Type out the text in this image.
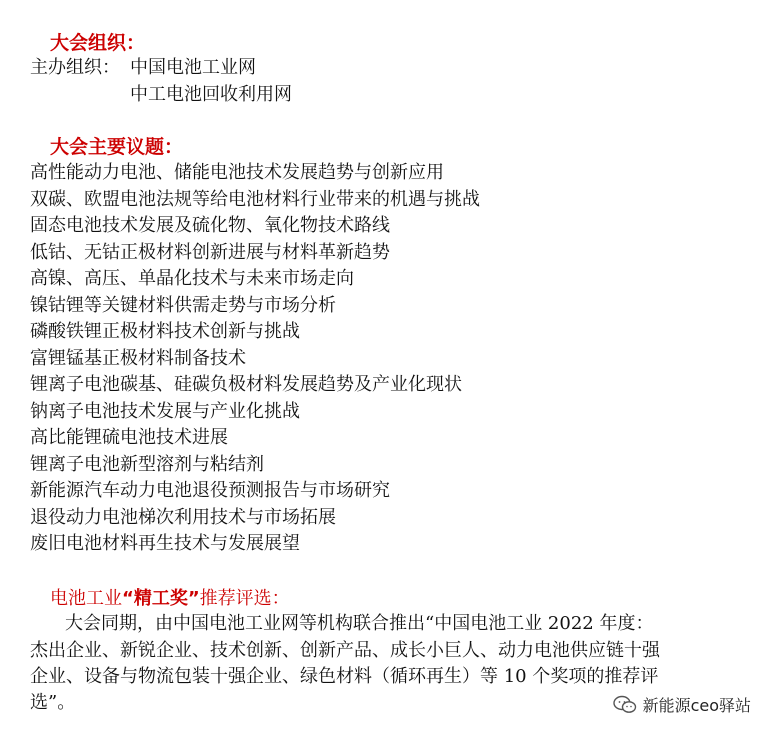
大会组织：
主办组织： 中国电池工业网
中工电池回收利用网
大会主要议题：
高性能动力电池、储能电池技术发展趋势与创新应用
双碳、欧盟电池法规等给电池材料行业带来的机遇与挑战
固态电池技术发展及硫化物、氧化物技术路线
低钴、无钴正极材料创新进展与材料革新趋势
高镍、高压、单晶化技术与未来市场走向
镍钴锂等关键材料供需走势与市场分析
磷酸铁锂正极材料技术创新与挑战
富锂锰基正极材料制备技术
锂离子电池碳基、硅碳负极材料发展趋势及产业化现状
钠离子电池技术发展与产业化挑战
高比能锂硫电池技术进展
锂离子电池新型溶剂与粘结剂
新能源汽车动力电池退役预测报告与市场研究
退役动力电池梯次利用技术与市场拓展
废旧电池材料再生技术与发展展望
电池工业“精工奖”推荐评选：
大会同期，由中国电池工业网等机构联合推出“中国电池工业 2022 年度：
杰出企业、新锐企业、技术创新、创新产品、成长小巨人、动力电池供应链十强
企业、设备与物流包装十强企业、绿色材料（循环再生）等 10 个奖项的推荐评
选”。	新能源ceo驿站
